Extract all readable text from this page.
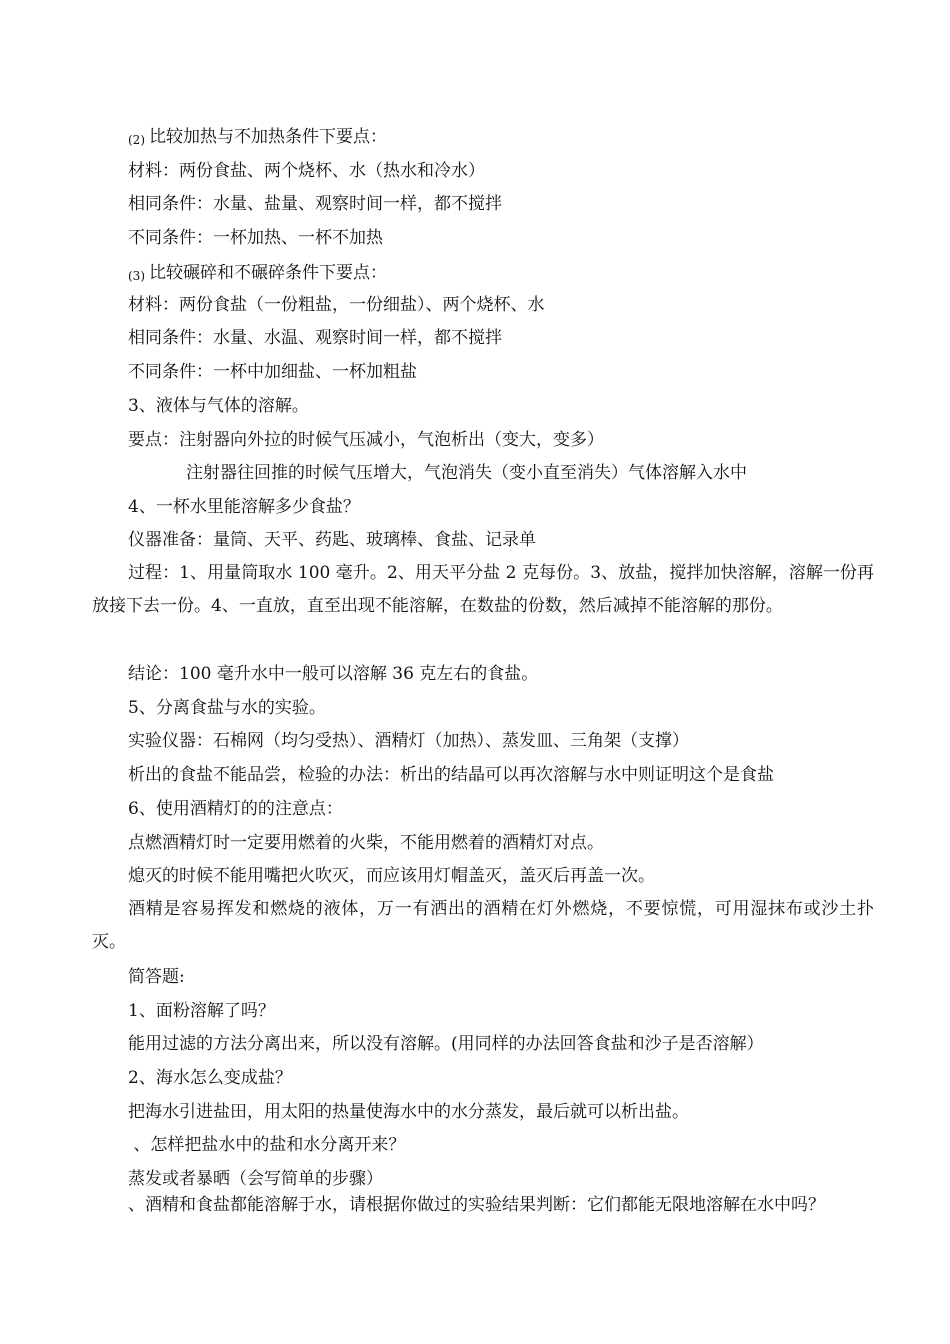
(2) 比较加热与不加热条件下要点：
材料：两份食盐、两个烧杯、水（热水和冷水）
相同条件：水量、盐量、观察时间一样，都不搅拌
不同条件：一杯加热、一杯不加热
(3) 比较碾碎和不碾碎条件下要点：
材料：两份食盐（一份粗盐，一份细盐）、两个烧杯、水
相同条件：水量、水温、观察时间一样，都不搅拌
不同条件：一杯中加细盐、一杯加粗盐
3、液体与气体的溶解。
要点：注射器向外拉的时候气压减小，气泡析出（变大，变多）
注射器往回推的时候气压增大，气泡消失（变小直至消失）气体溶解入水中
4、一杯水里能溶解多少食盐？
仪器准备：量筒、天平、药匙、玻璃棒、食盐、记录单
过程：1、用量筒取水 100 毫升。2、用天平分盐 2 克每份。3、放盐，搅拌加快溶解，溶解一份再放接下去一份。4、一直放，直至出现不能溶解，在数盐的份数，然后减掉不能溶解的那份。
结论：100 毫升水中一般可以溶解 36 克左右的食盐。
5、分离食盐与水的实验。
实验仪器：石棉网（均匀受热）、酒精灯（加热）、蒸发皿、三角架（支撑）
析出的食盐不能品尝，检验的办法：析出的结晶可以再次溶解与水中则证明这个是食盐
6、使用酒精灯的的注意点：
点燃酒精灯时一定要用燃着的火柴，不能用燃着的酒精灯对点。
熄灭的时候不能用嘴把火吹灭，而应该用灯帽盖灭，盖灭后再盖一次。
酒精是容易挥发和燃烧的液体，万一有洒出的酒精在灯外燃烧，不要惊慌，可用湿抹布或沙土扑灭。
简答题:
1、面粉溶解了吗？
能用过滤的方法分离出来，所以没有溶解。(用同样的办法回答食盐和沙子是否溶解）
2、海水怎么变成盐？
把海水引进盐田，用太阳的热量使海水中的水分蒸发，最后就可以析出盐。
、怎样把盐水中的盐和水分离开来？
蒸发或者暴晒（会写简单的步骤）
、酒精和食盐都能溶解于水，请根据你做过的实验结果判断：它们都能无限地溶解在水中吗？
